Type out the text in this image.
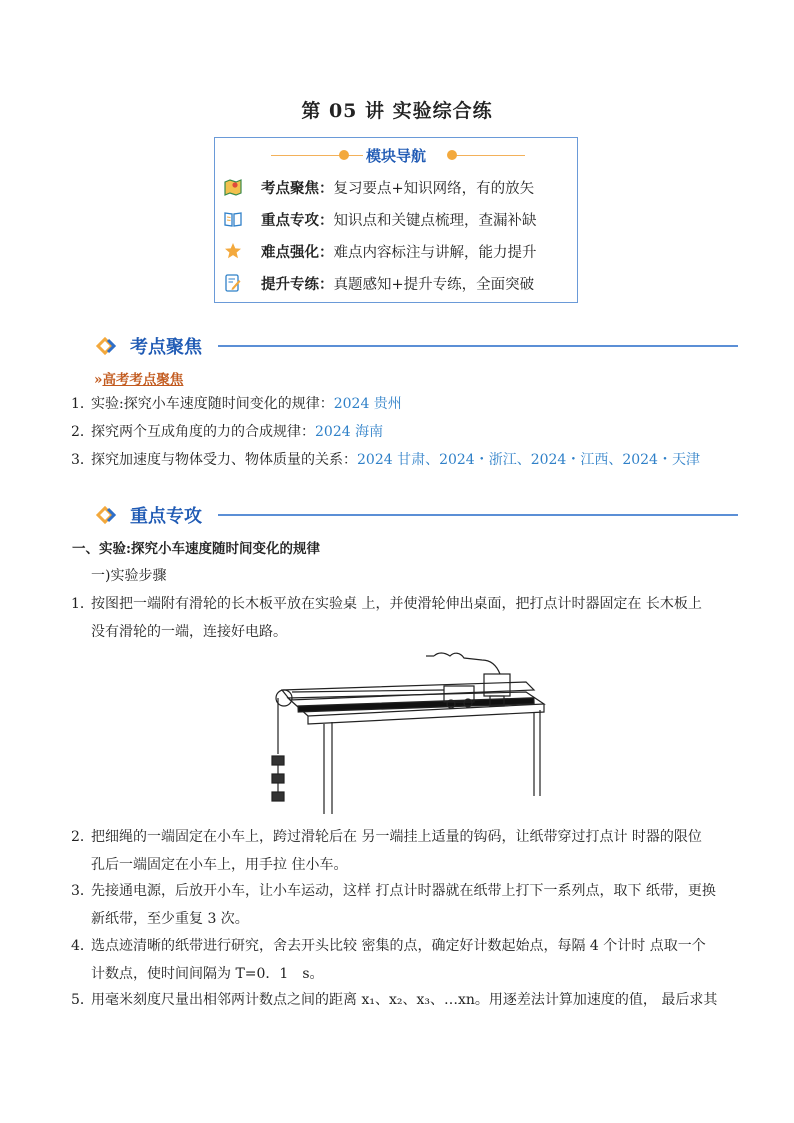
第 05 讲 实验综合练
模块导航
考点聚焦： 复习要点+知识网络，有的放矢
重点专攻： 知识点和关键点梳理，查漏补缺
难点强化： 难点内容标注与讲解，能力提升
提升专练： 真题感知+提升专练，全面突破
考点聚焦
»高考考点聚焦
1．实验:探究小车速度随时间变化的规律：2024 贵州
2．探究两个互成角度的力的合成规律：2024 海南
3．探究加速度与物体受力、物体质量的关系：2024 甘肃、2024・浙江、2024・江西、2024・天津
重点专攻
一、实验:探究小车速度随时间变化的规律
一)实验步骤
1．按图把一端附有滑轮的长木板平放在实验桌 上，并使滑轮伸出桌面，把打点计时器固定在 长木板上
没有滑轮的一端，连接好电路。
2．把细绳的一端固定在小车上，跨过滑轮后在 另一端挂上适量的钩码，让纸带穿过打点计 时器的限位
孔后一端固定在小车上，用手拉 住小车。
3．先接通电源，后放开小车，让小车运动，这样 打点计时器就在纸带上打下一系列点，取下 纸带，更换
新纸带，至少重复 3 次。
4．选点迹清晰的纸带进行研究，舍去开头比较 密集的点，确定好计数起始点，每隔 4 个计时 点取一个
计数点，使时间间隔为 T=0．1　s。
5．用毫米刻度尺量出相邻两计数点之间的距离 x₁、x₂、x₃、…xn。用逐差法计算加速度的值， 最后求其
